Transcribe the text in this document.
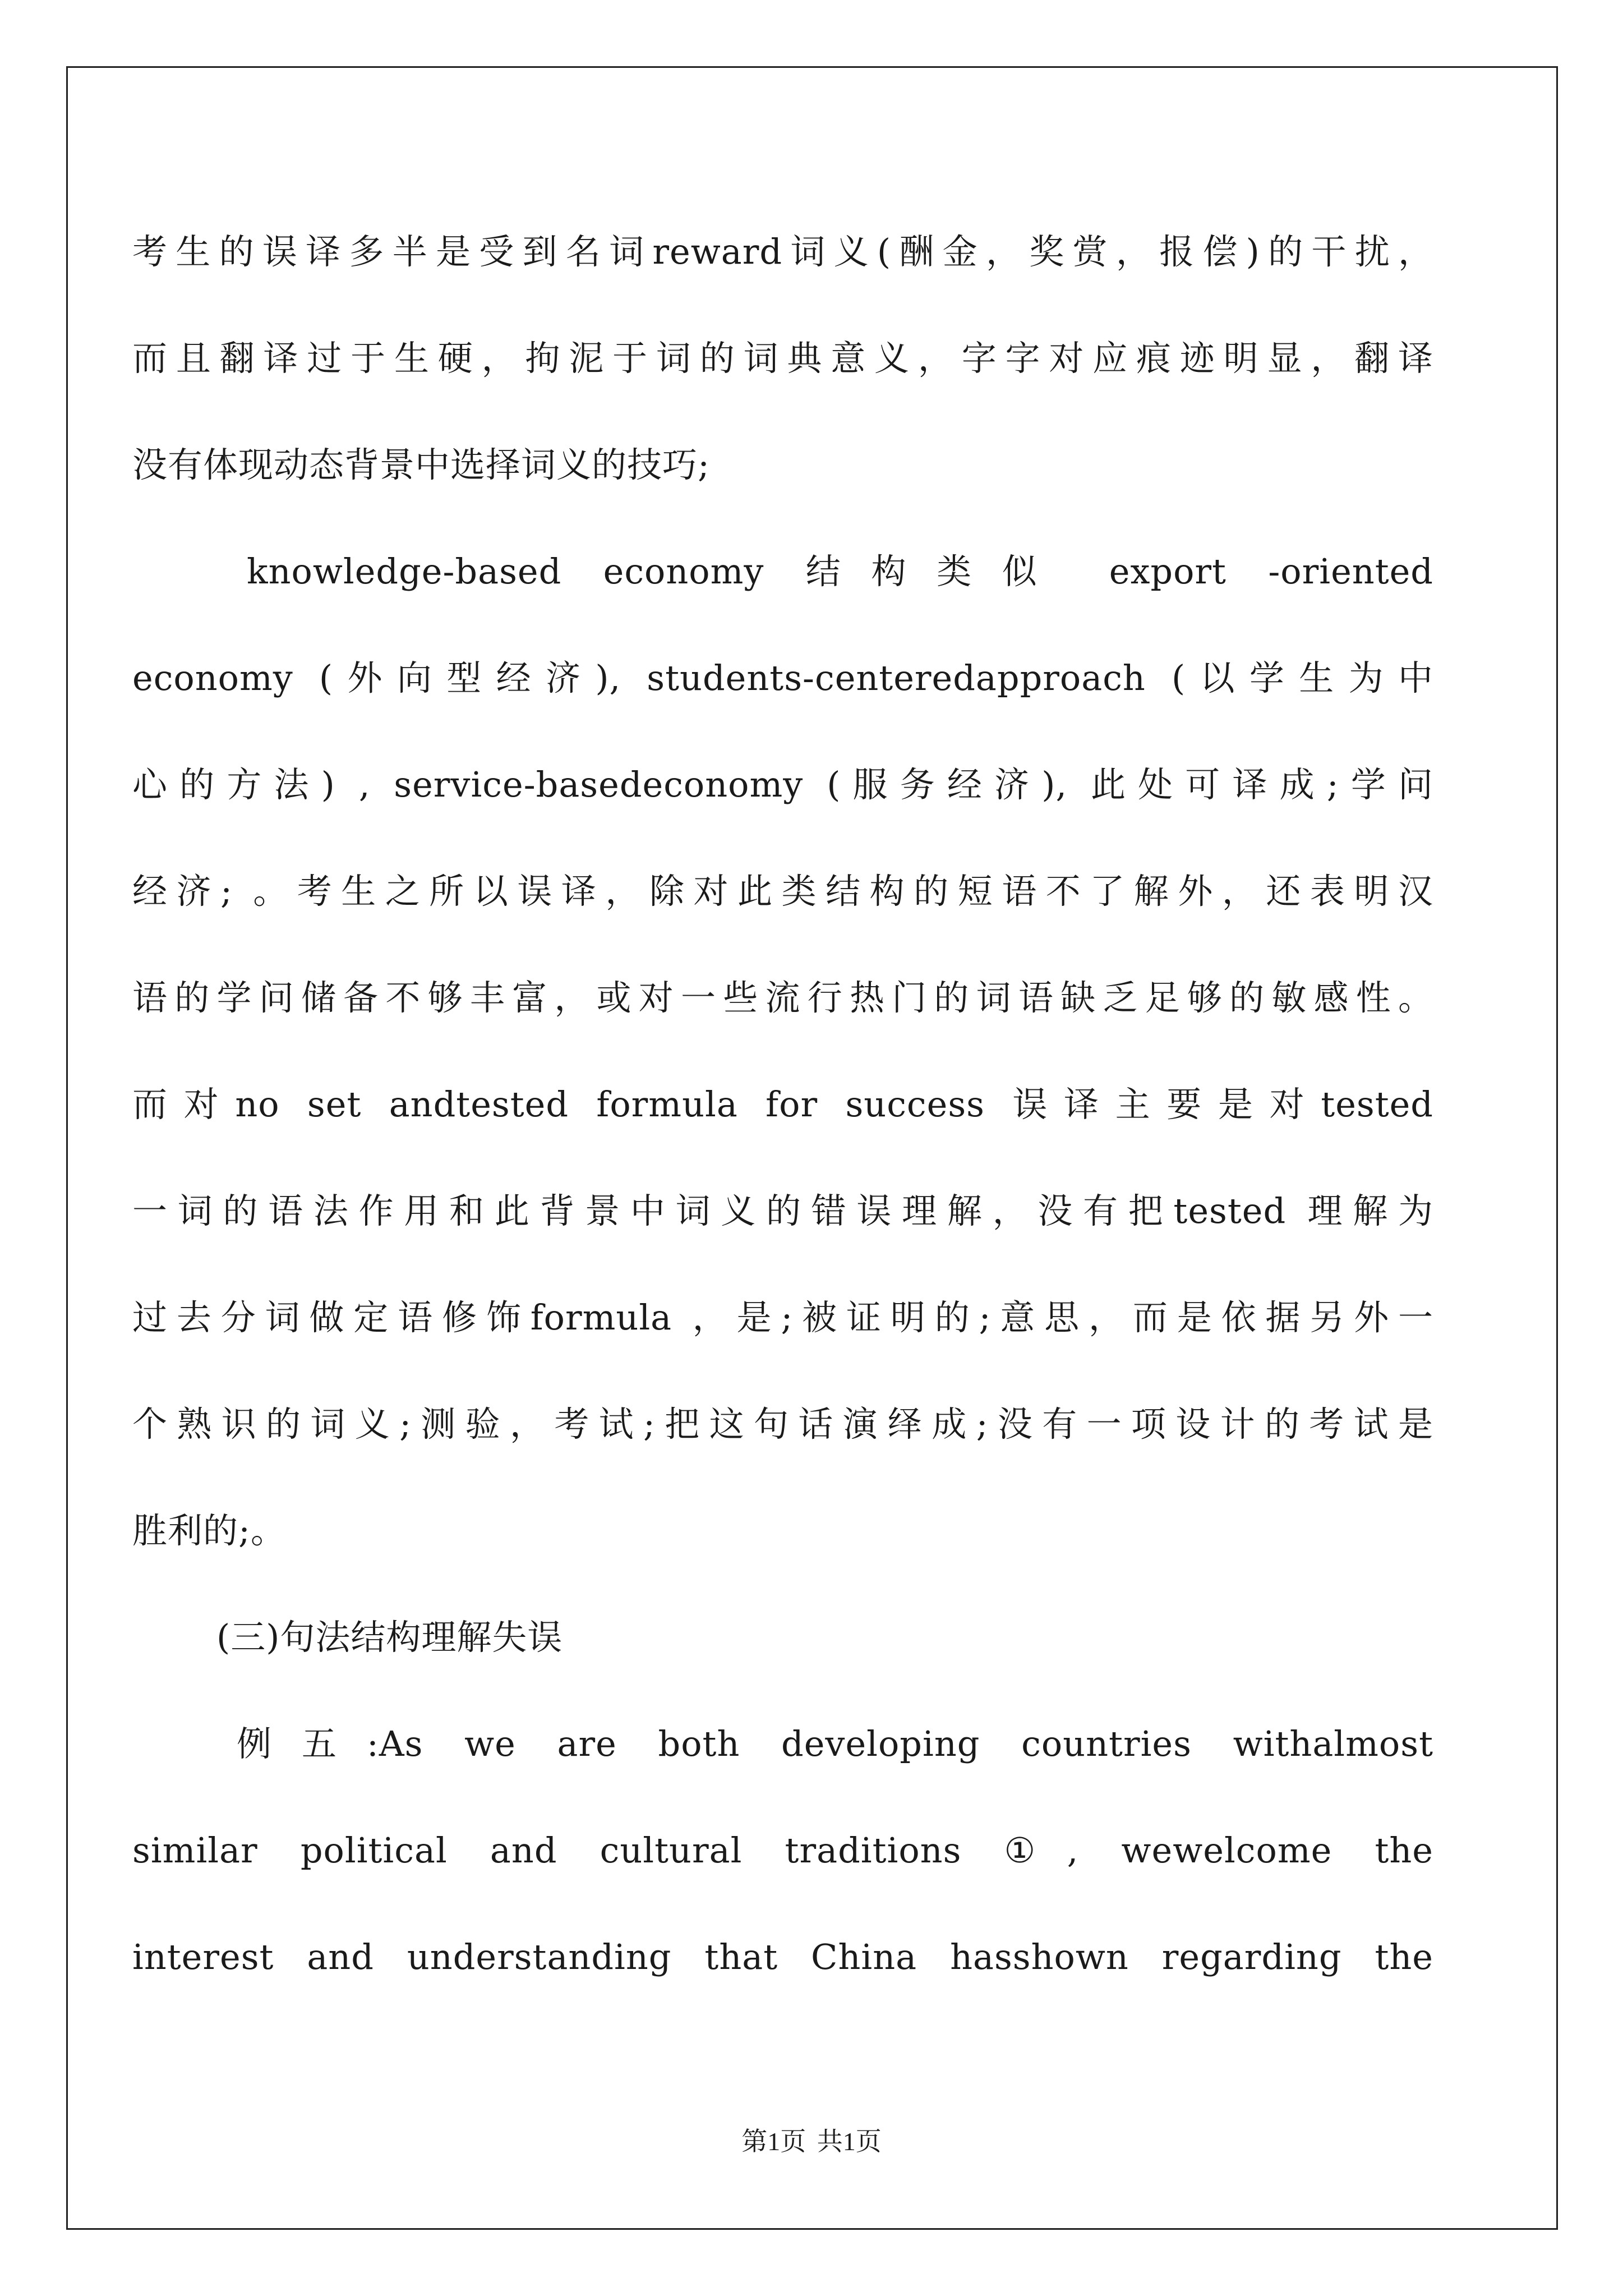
考生的误译多半是受到名词reward词义(酬金，奖赏，报偿)的干扰，
而且翻译过于生硬，拘泥于词的词典意义，字字对应痕迹明显，翻译
没有体现动态背景中选择词义的技巧;
knowledge-based economy 结构类似 export -oriented
economy (外向型经济), students-centeredapproach (以学生为中
心的方法) , service-basedeconomy (服务经济), 此处可译成;学问
经济; 。考生之所以误译，除对此类结构的短语不了解外，还表明汉
语的学问储备不够丰富，或对一些流行热门的词语缺乏足够的敏感性。
而对no set andtested formula for success 误译主要是对tested
一词的语法作用和此背景中词义的错误理解，没有把tested 理解为
过去分词做定语修饰formula ，是;被证明的;意思，而是依据另外一
个熟识的词义;测验，考试;把这句话演绎成;没有一项设计的考试是
胜利的;。
(三)句法结构理解失误
例五:As we are both developing countries withalmost
similar political and cultural traditions ①, wewelcome the
interest and understanding that China hasshown regarding the
第1页 共1页
